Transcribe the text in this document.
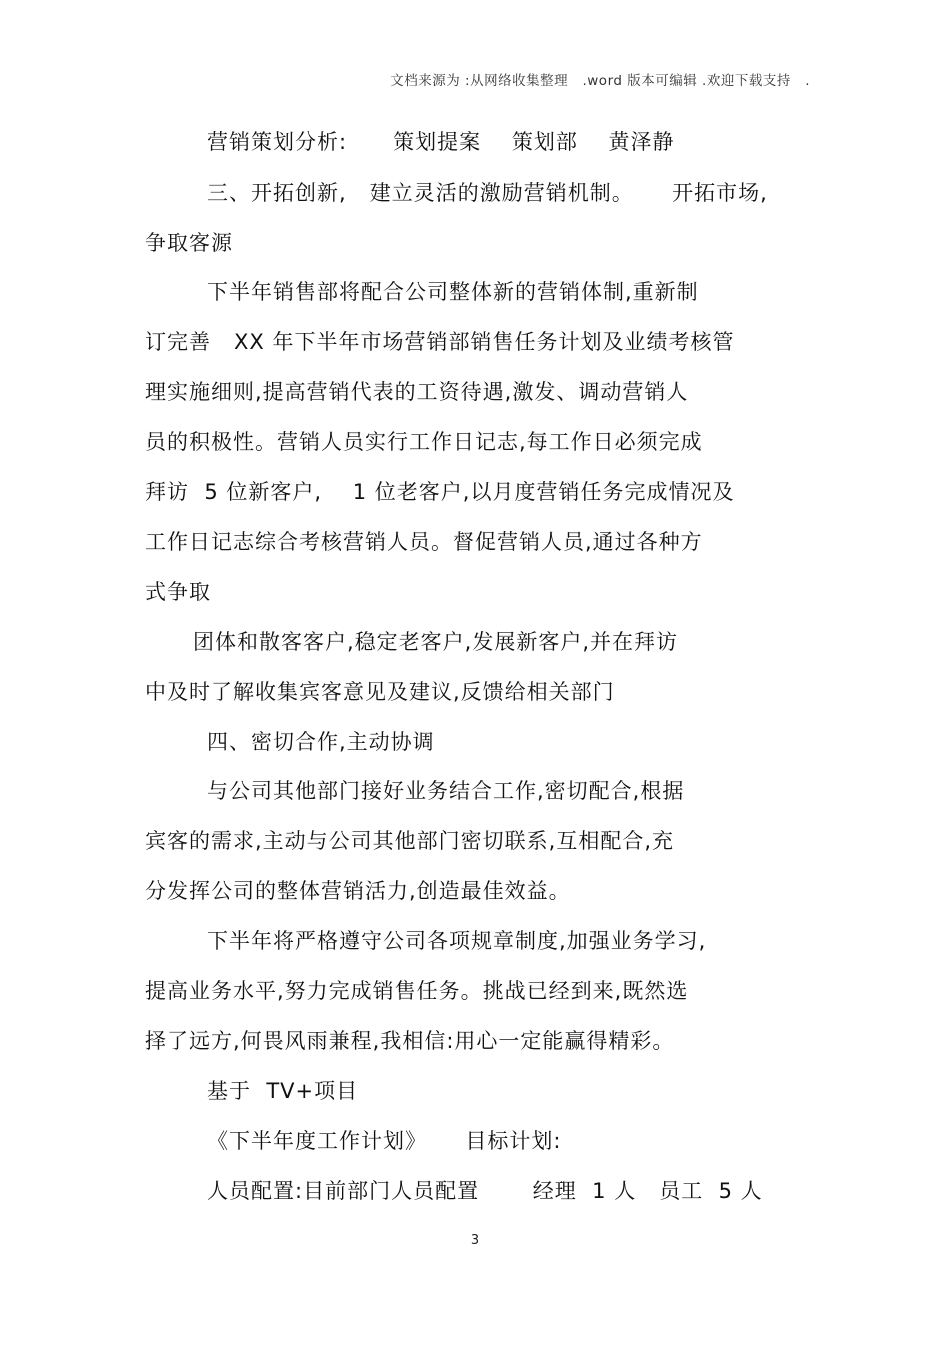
文档来源为 :从网络收集整理   .word 版本可编辑 .欢迎下载支持   .
营销策划分析:      策划提案    策划部    黄泽静
三、开拓创新,   建立灵活的激励营销机制。     开拓市场,
争取客源
下半年销售部将配合公司整体新的营销体制,重新制
订完善   XX 年下半年市场营销部销售任务计划及业绩考核管
理实施细则,提高营销代表的工资待遇,激发、调动营销人
员的积极性。营销人员实行工作日记志,每工作日必须完成
拜访  5 位新客户,    1 位老客户,以月度营销任务完成情况及
工作日记志综合考核营销人员。督促营销人员,通过各种方
式争取
团体和散客客户,稳定老客户,发展新客户,并在拜访
中及时了解收集宾客意见及建议,反馈给相关部门
四、密切合作,主动协调
与公司其他部门接好业务结合工作,密切配合,根据
宾客的需求,主动与公司其他部门密切联系,互相配合,充
分发挥公司的整体营销活力,创造最佳效益。
下半年将严格遵守公司各项规章制度,加强业务学习,
提高业务水平,努力完成销售任务。挑战已经到来,既然选
择了远方,何畏风雨兼程,我相信:用心一定能赢得精彩。
基于  TV+项目
《下半年度工作计划》     目标计划:
人员配置:目前部门人员配置       经理  1 人   员工  5 人
3
